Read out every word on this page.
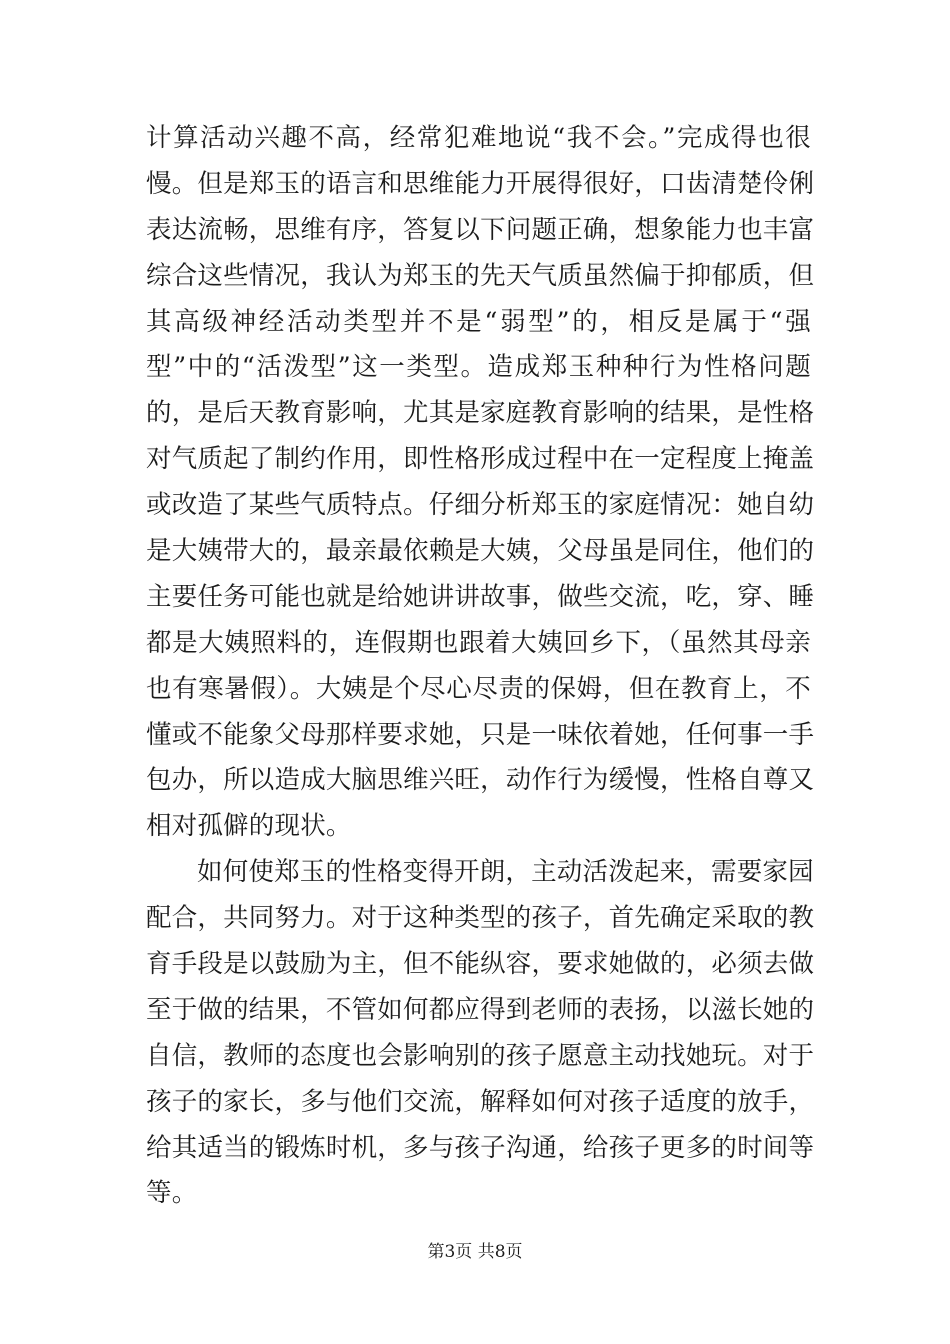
计算活动兴趣不高，经常犯难地说“我不会。”完成得也很
慢。但是郑玉的语言和思维能力开展得很好，口齿清楚伶俐
表达流畅，思维有序，答复以下问题正确，想象能力也丰富
综合这些情况，我认为郑玉的先天气质虽然偏于抑郁质，但
其高级神经活动类型并不是“弱型”的，相反是属于“强
型”中的“活泼型”这一类型。造成郑玉种种行为性格问题
的，是后天教育影响，尤其是家庭教育影响的结果，是性格
对气质起了制约作用，即性格形成过程中在一定程度上掩盖
或改造了某些气质特点。仔细分析郑玉的家庭情况：她自幼
是大姨带大的，最亲最依赖是大姨，父母虽是同住，他们的
主要任务可能也就是给她讲讲故事，做些交流，吃，穿、睡
都是大姨照料的，连假期也跟着大姨回乡下，（虽然其母亲
也有寒暑假）。大姨是个尽心尽责的保姆，但在教育上，不
懂或不能象父母那样要求她，只是一味依着她，任何事一手
包办，所以造成大脑思维兴旺，动作行为缓慢，性格自尊又
相对孤僻的现状。
如何使郑玉的性格变得开朗，主动活泼起来，需要家园
配合，共同努力。对于这种类型的孩子，首先确定采取的教
育手段是以鼓励为主，但不能纵容，要求她做的，必须去做
至于做的结果，不管如何都应得到老师的表扬，以滋长她的
自信，教师的态度也会影响别的孩子愿意主动找她玩。对于
孩子的家长，多与他们交流，解释如何对孩子适度的放手，
给其适当的锻炼时机，多与孩子沟通，给孩子更多的时间等
等。
第3页 共8页
